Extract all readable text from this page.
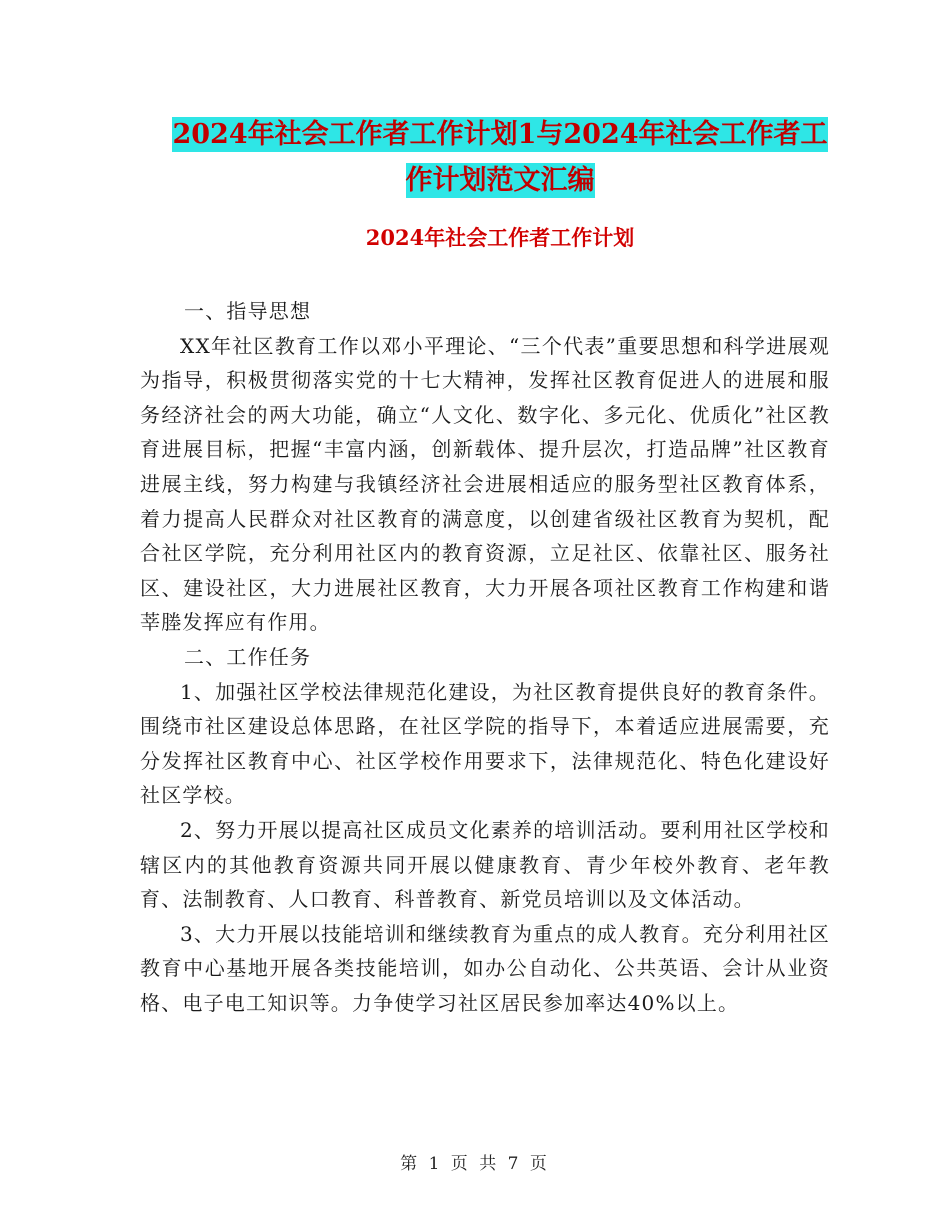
2024年社会工作者工作计划1与2024年社会工作者工
作计划范文汇编
2024年社会工作者工作计划

一、指导思想

XX年社区教育工作以邓小平理论、“三个代表”重要思想和科学进展观为指导，积极贯彻落实党的十七大精神，发挥社区教育促进人的进展和服务经济社会的两大功能，确立“人文化、数字化、多元化、优质化”社区教育进展目标，把握“丰富内涵，创新载体、提升层次，打造品牌”社区教育进展主线，努力构建与我镇经济社会进展相适应的服务型社区教育体系，着力提高人民群众对社区教育的满意度，以创建省级社区教育为契机，配合社区学院，充分利用社区内的教育资源，立足社区、依靠社区、服务社区、建设社区，大力进展社区教育，大力开展各项社区教育工作构建和谐莘塍发挥应有作用。

二、工作任务

1、加强社区学校法律规范化建设，为社区教育提供良好的教育条件。围绕市社区建设总体思路，在社区学院的指导下，本着适应进展需要，充分发挥社区教育中心、社区学校作用要求下，法律规范化、特色化建设好社区学校。

2、努力开展以提高社区成员文化素养的培训活动。要利用社区学校和辖区内的其他教育资源共同开展以健康教育、青少年校外教育、老年教育、法制教育、人口教育、科普教育、新党员培训以及文体活动。

3、大力开展以技能培训和继续教育为重点的成人教育。充分利用社区教育中心基地开展各类技能培训，如办公自动化、公共英语、会计从业资格、电子电工知识等。力争使学习社区居民参加率达40%以上。

第 1 页 共 7 页
